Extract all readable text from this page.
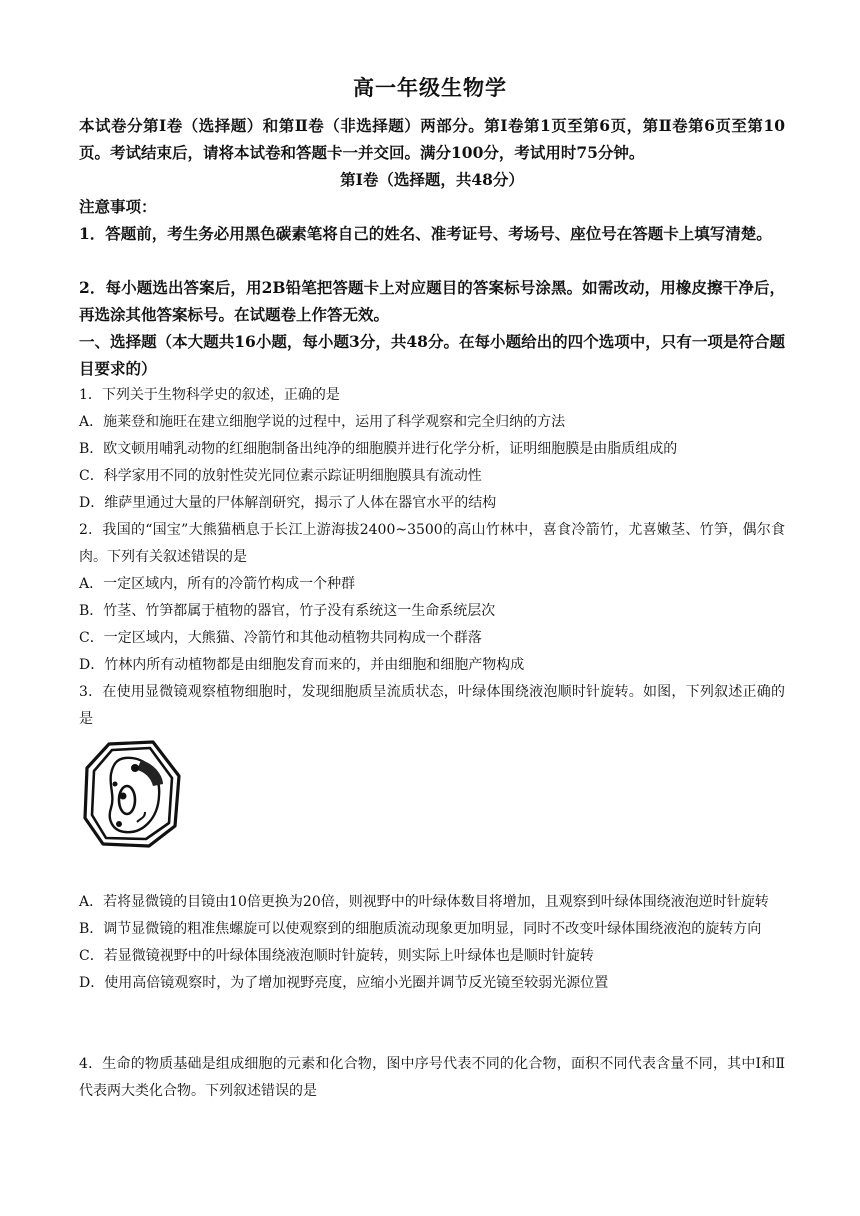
高一年级生物学

本试卷分第Ⅰ卷（选择题）和第Ⅱ卷（非选择题）两部分。第Ⅰ卷第1页至第6页，第Ⅱ卷第6页至第10页。考试结束后，请将本试卷和答题卡一并交回。满分100分，考试用时75分钟。

第Ⅰ卷（选择题，共48分）
注意事项：
1．答题前，考生务必用黑色碳素笔将自己的姓名、准考证号、考场号、座位号在答题卡上填写清楚。
2．每小题选出答案后，用2B铅笔把答题卡上对应题目的答案标号涂黑。如需改动，用橡皮擦干净后，再选涂其他答案标号。在试题卷上作答无效。
一、选择题（本大题共16小题，每小题3分，共48分。在每小题给出的四个选项中，只有一项是符合题目要求的）

1．下列关于生物科学史的叙述，正确的是

A．施莱登和施旺在建立细胞学说的过程中，运用了科学观察和完全归纳的方法

B．欧文顿用哺乳动物的红细胞制备出纯净的细胞膜并进行化学分析，证明细胞膜是由脂质组成的

C．科学家用不同的放射性荧光同位素示踪证明细胞膜具有流动性

D．维萨里通过大量的尸体解剖研究，揭示了人体在器官水平的结构

2．我国的“国宝”大熊猫栖息于长江上游海拔2400~3500的高山竹林中，喜食冷箭竹，尤喜嫩茎、竹笋，偶尔食肉。下列有关叙述错误的是

A．一定区域内，所有的冷箭竹构成一个种群

B．竹茎、竹笋都属于植物的器官，竹子没有系统这一生命系统层次

C．一定区域内，大熊猫、冷箭竹和其他动植物共同构成一个群落

D．竹林内所有动植物都是由细胞发育而来的，并由细胞和细胞产物构成

3．在使用显微镜观察植物细胞时，发现细胞质呈流质状态，叶绿体围绕液泡顺时针旋转。如图，下列叙述正确的是

A．若将显微镜的目镜由10倍更换为20倍，则视野中的叶绿体数目将增加，且观察到叶绿体围绕液泡逆时针旋转

B．调节显微镜的粗准焦螺旋可以使观察到的细胞质流动现象更加明显，同时不改变叶绿体围绕液泡的旋转方向

C．若显微镜视野中的叶绿体围绕液泡顺时针旋转，则实际上叶绿体也是顺时针旋转

D．使用高倍镜观察时，为了增加视野亮度，应缩小光圈并调节反光镜至较弱光源位置

4．生命的物质基础是组成细胞的元素和化合物，图中序号代表不同的化合物，面积不同代表含量不同，其中Ⅰ和Ⅱ代表两大类化合物。下列叙述错误的是
